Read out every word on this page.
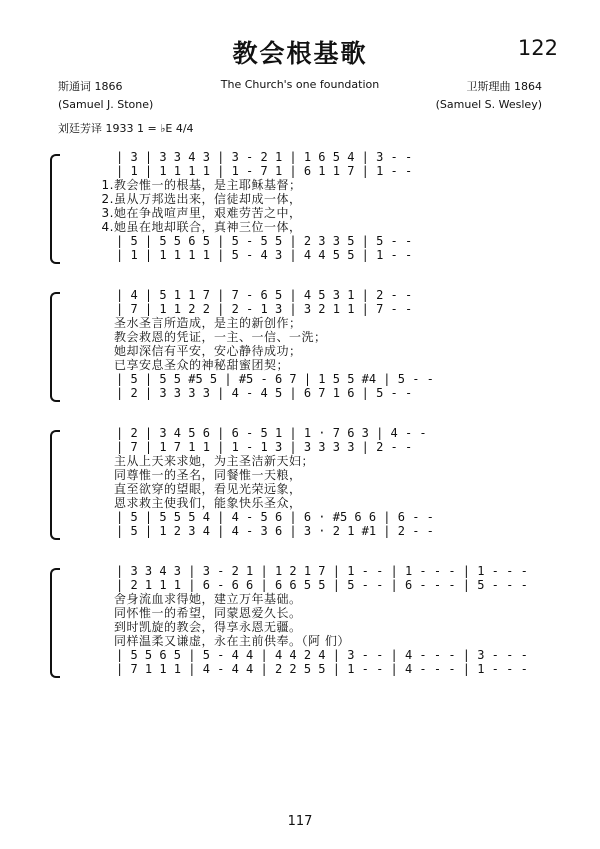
教会根基歌	122
斯通词 1866	The Church's one foundation	卫斯理曲 1864
(Samuel J. Stone)	(Samuel S. Wesley)
刘廷芳译 1933 1 = ♭E 4/4
| 3 | 3 3 4 3 | 3 - 2 1 | 1 6 5 4 | 3 - -
| 1 | 1 1 1 1 | 1 - 7 1 | 6 1 1 7 | 1 - -
1.教会惟一的根基，是主耶稣基督；
2.虽从万邦选出来，信徒却成一体，
3.她在争战喧声里，艰难劳苦之中，
4.她虽在地却联合，真神三位一体，
| 5 | 5 5 6 5 | 5 - 5 5 | 2 3 3 5 | 5 - -
| 1 | 1 1 1 1 | 5 - 4 3 | 4 4 5 5 | 1 - -
| 4 | 5 1 1 7 | 7 - 6 5 | 4 5 3 1 | 2 - -
| 7 | 1 1 2 2 | 2 - 1 3 | 3 2 1 1 | 7 - -
圣水圣言所造成，是主的新创作；
教会救恩的凭证，一主、一信、一洗；
她却深信有平安，安心静待成功；
已享安息圣众的神秘甜蜜团契；
| 5 | 5 5 #5 5 | #5 - 6 7 | 1 5 5 #4 | 5 - -
| 2 | 3 3 3 3 | 4 - 4 5 | 6 7 1 6 | 5 - -
| 2 | 3 4 5 6 | 6 - 5 1 | 1 · 7 6 3 | 4 - -
| 7 | 1 7 1 1 | 1 - 1 3 | 3 3 3 3 | 2 - -
主从上天来求她，为主圣洁新天妇；
同尊惟一的圣名，同餐惟一天粮，
直至欲穿的望眼，看见光荣远象，
恩求救主使我们，能象快乐圣众，
| 5 | 5 5 5 4 | 4 - 5 6 | 6 · #5 6 6 | 6 - -
| 5 | 1 2 3 4 | 4 - 3 6 | 3 · 2 1 #1 | 2 - -
| 3 3 4 3 | 3 - 2 1 | 1 2 1 7 | 1 - - | 1 - - - | 1 - - -
| 2 1 1 1 | 6 - 6 6 | 6 6 5 5 | 5 - - | 6 - - - | 5 - - -
舍身流血求得她，建立万年基础。
同怀惟一的希望，同蒙恩爱久长。
到时凯旋的教会，得享永恩无疆。
同样温柔又谦虚，永在主前供奉。（阿 们）
| 5 5 6 5 | 5 - 4 4 | 4 4 2 4 | 3 - - | 4 - - - | 3 - - -
| 7 1 1 1 | 4 - 4 4 | 2 2 5 5 | 1 - - | 4 - - - | 1 - - -
117
